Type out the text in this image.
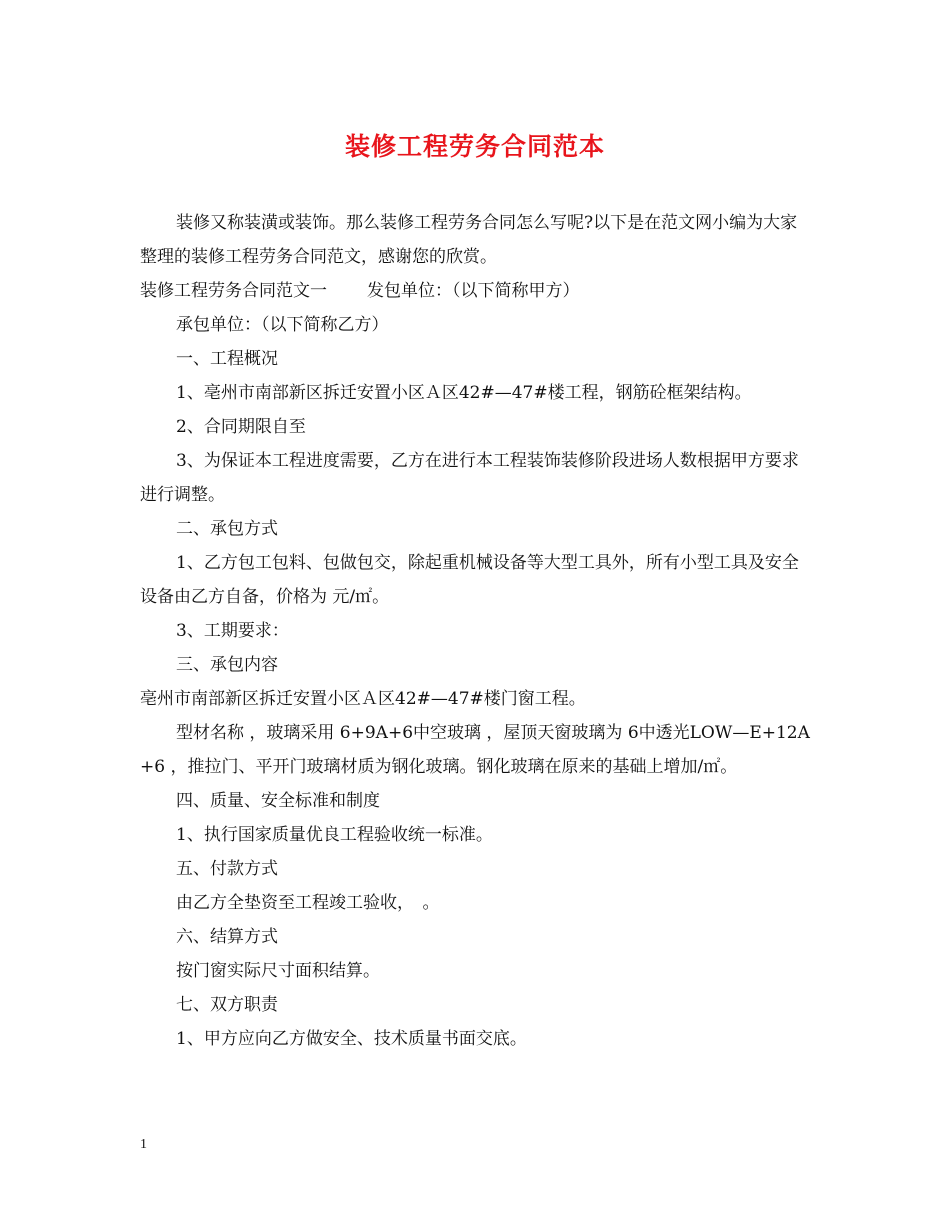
装修工程劳务合同范本

装修又称装潢或装饰。那么装修工程劳务合同怎么写呢?以下是在范文网小编为大家整理的装修工程劳务合同范文，感谢您的欣赏。

装修工程劳务合同范文一 发包单位：（以下简称甲方）

承包单位：（以下简称乙方）

一、工程概况

1、亳州市南部新区拆迁安置小区Ａ区42#—47#楼工程，钢筋砼框架结构。

2、合同期限自至

3、为保证本工程进度需要，乙方在进行本工程装饰装修阶段进场人数根据甲方要求进行调整。

二、承包方式

1、乙方包工包料、包做包交，除起重机械设备等大型工具外，所有小型工具及安全设备由乙方自备，价格为 元/㎡。

3、工期要求：

三、承包内容

亳州市南部新区拆迁安置小区Ａ区42#—47#楼门窗工程。

型材名称 ，玻璃采用 6+9A+6中空玻璃 ，屋顶天窗玻璃为 6中透光LOW—E+12A+6 ，推拉门、平开门玻璃材质为钢化玻璃。钢化玻璃在原来的基础上增加/㎡。

四、质量、安全标准和制度

1、执行国家质量优良工程验收统一标准。

五、付款方式

由乙方全垫资至工程竣工验收，　。

六、结算方式

按门窗实际尺寸面积结算。

七、双方职责

1、甲方应向乙方做安全、技术质量书面交底。

1
